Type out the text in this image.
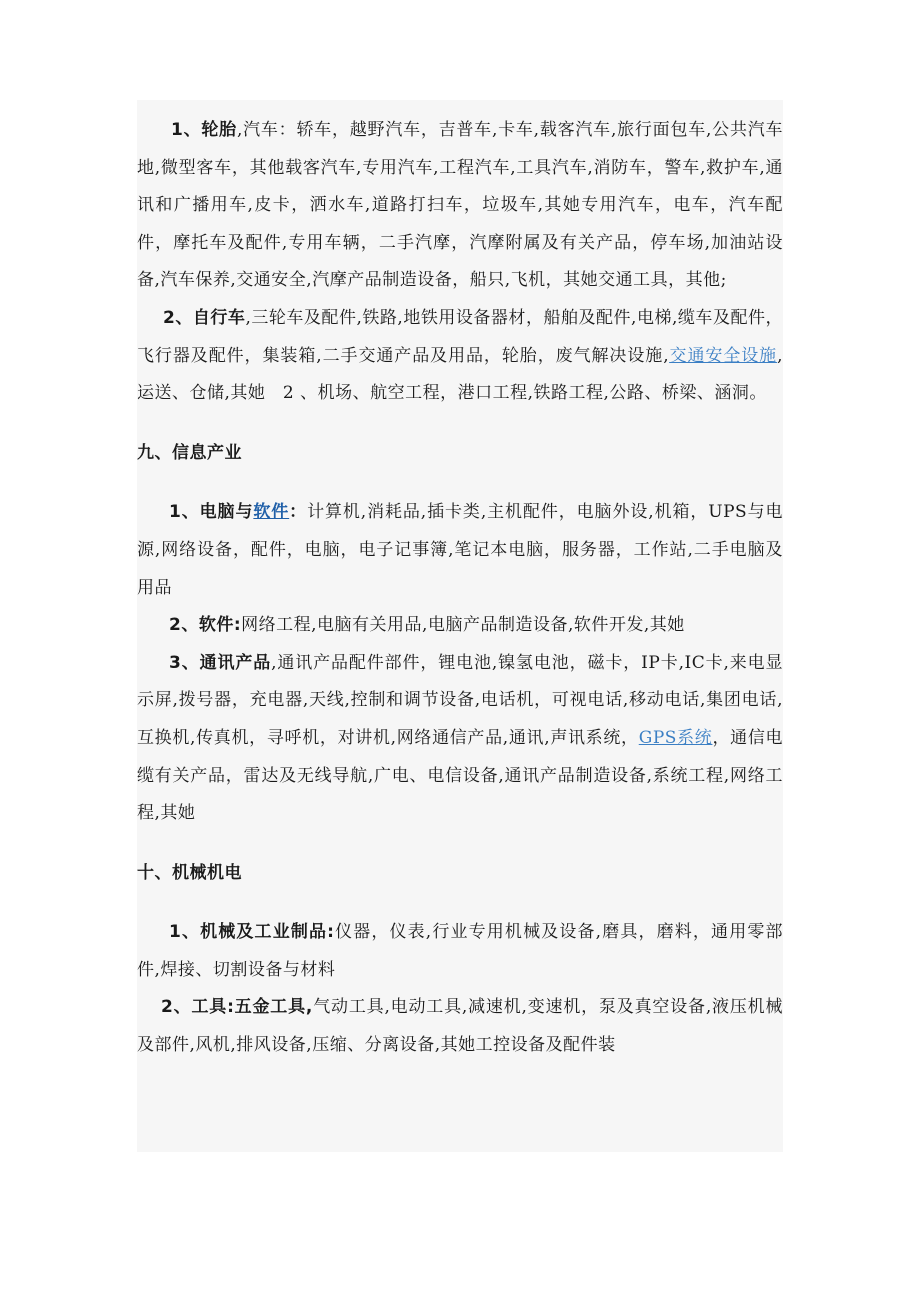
1、轮胎,汽车：轿车，越野汽车，吉普车,卡车,载客汽车,旅行面包车,公共汽车地,微型客车，其他载客汽车,专用汽车,工程汽车,工具汽车,消防车，警车,救护车,通讯和广播用车,皮卡，洒水车,道路打扫车，垃圾车,其她专用汽车，电车，汽车配件，摩托车及配件,专用车辆，二手汽摩，汽摩附属及有关产品，停车场,加油站设备,汽车保养,交通安全,汽摩产品制造设备，船只,飞机，其她交通工具，其他;

2、自行车,三轮车及配件,铁路,地铁用设备器材，船舶及配件,电梯,缆车及配件，飞行器及配件，集装箱,二手交通产品及用品，轮胎，废气解决设施,交通安全设施,运送、仓储,其她　2 、机场、航空工程，港口工程,铁路工程,公路、桥梁、涵洞。

九、信息产业

1、电脑与软件：计算机,消耗品,插卡类,主机配件，电脑外设,机箱，UPS与电源,网络设备，配件，电脑，电子记事簿,笔记本电脑，服务器，工作站,二手电脑及用品

2、软件:网络工程,电脑有关用品,电脑产品制造设备,软件开发,其她

3、通讯产品,通讯产品配件部件，锂电池,镍氢电池，磁卡，IP卡,IC卡,来电显示屏,拨号器，充电器,天线,控制和调节设备,电话机，可视电话,移动电话,集团电话,互换机,传真机，寻呼机，对讲机,网络通信产品,通讯,声讯系统，GPS系统，通信电缆有关产品，雷达及无线导航,广电、电信设备,通讯产品制造设备,系统工程,网络工程,其她

十、机械机电

1、机械及工业制品:仪器，仪表,行业专用机械及设备,磨具，磨料，通用零部件,焊接、切割设备与材料

2、工具:五金工具,气动工具,电动工具,减速机,变速机，泵及真空设备,液压机械及部件,风机,排风设备,压缩、分离设备,其她工控设备及配件装
